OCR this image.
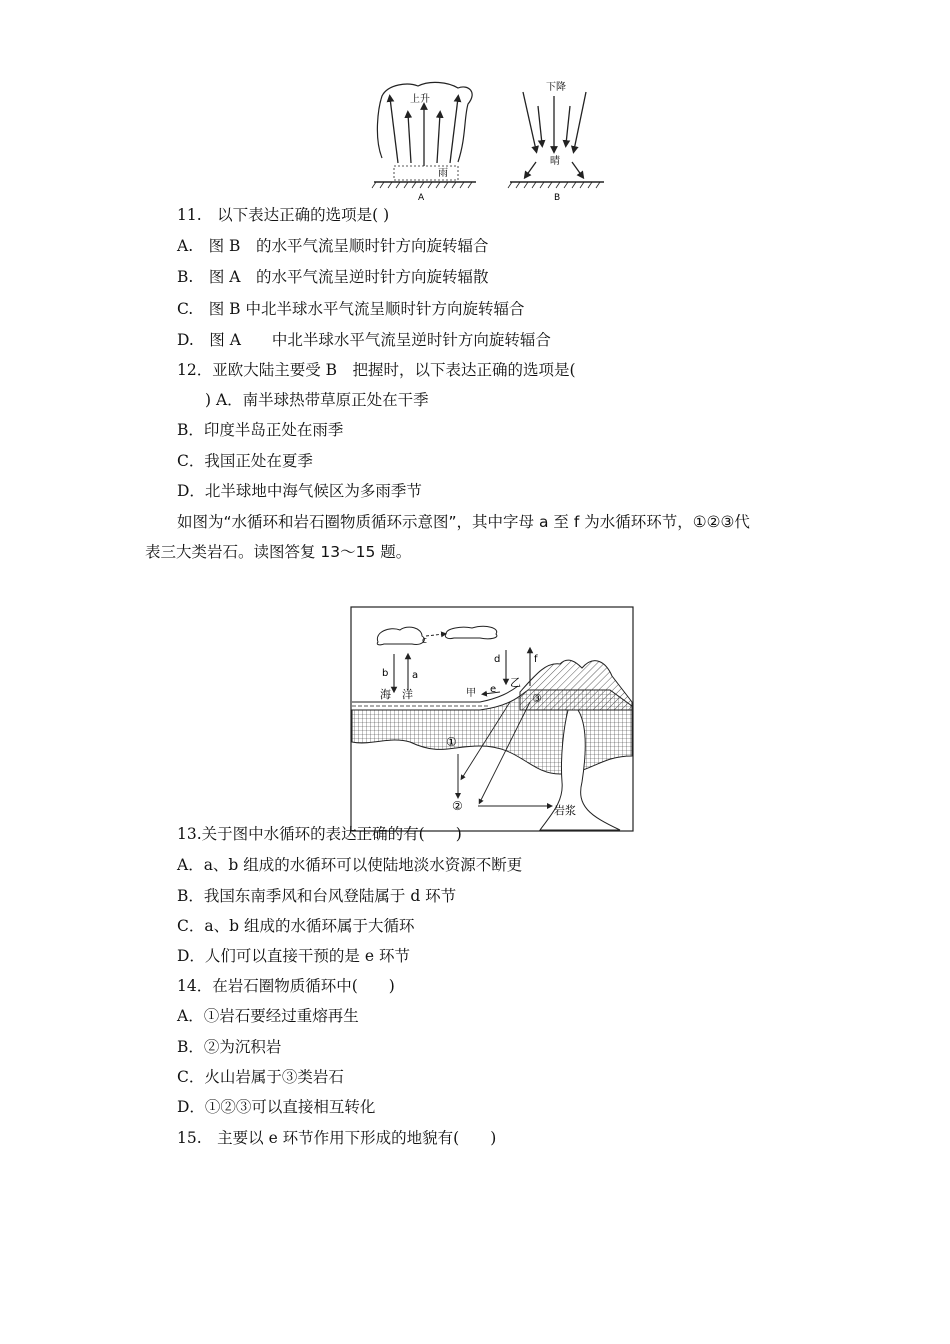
上升
雨
A
下降
晴
B
11.　以下表达正确的选项是( )
A.　图 B　的水平气流呈顺时针方向旋转辐合
B.　图 A　的水平气流呈逆时针方向旋转辐散
C.　图 B 中北半球水平气流呈顺时针方向旋转辐合
D.　图 A　　中北半球水平气流呈逆时针方向旋转辐合
12．亚欧大陆主要受 B　把握时，以下表达正确的选项是(
) A．南半球热带草原正处在干季
B．印度半岛正处在雨季
C．我国正处在夏季
D．北半球地中海气候区为多雨季节
如图为“水循环和岩石圈物质循环示意图”，其中字母 a 至 f 为水循环环节，①②③代
表三大类岩石。读图答复 13～15 题。
c
b a
d	f
海　洋	甲 e
乙
③
①
②	岩浆
13.关于图中水循环的表达正确的有(　　)
A．a、b 组成的水循环可以使陆地淡水资源不断更
B．我国东南季风和台风登陆属于 d 环节
C．a、b 组成的水循环属于大循环
D．人们可以直接干预的是 e 环节
14．在岩石圈物质循环中(　　)
A．①岩石要经过重熔再生
B．②为沉积岩
C．火山岩属于③类岩石
D．①②③可以直接相互转化
15.　主要以 e 环节作用下形成的地貌有(　　)
